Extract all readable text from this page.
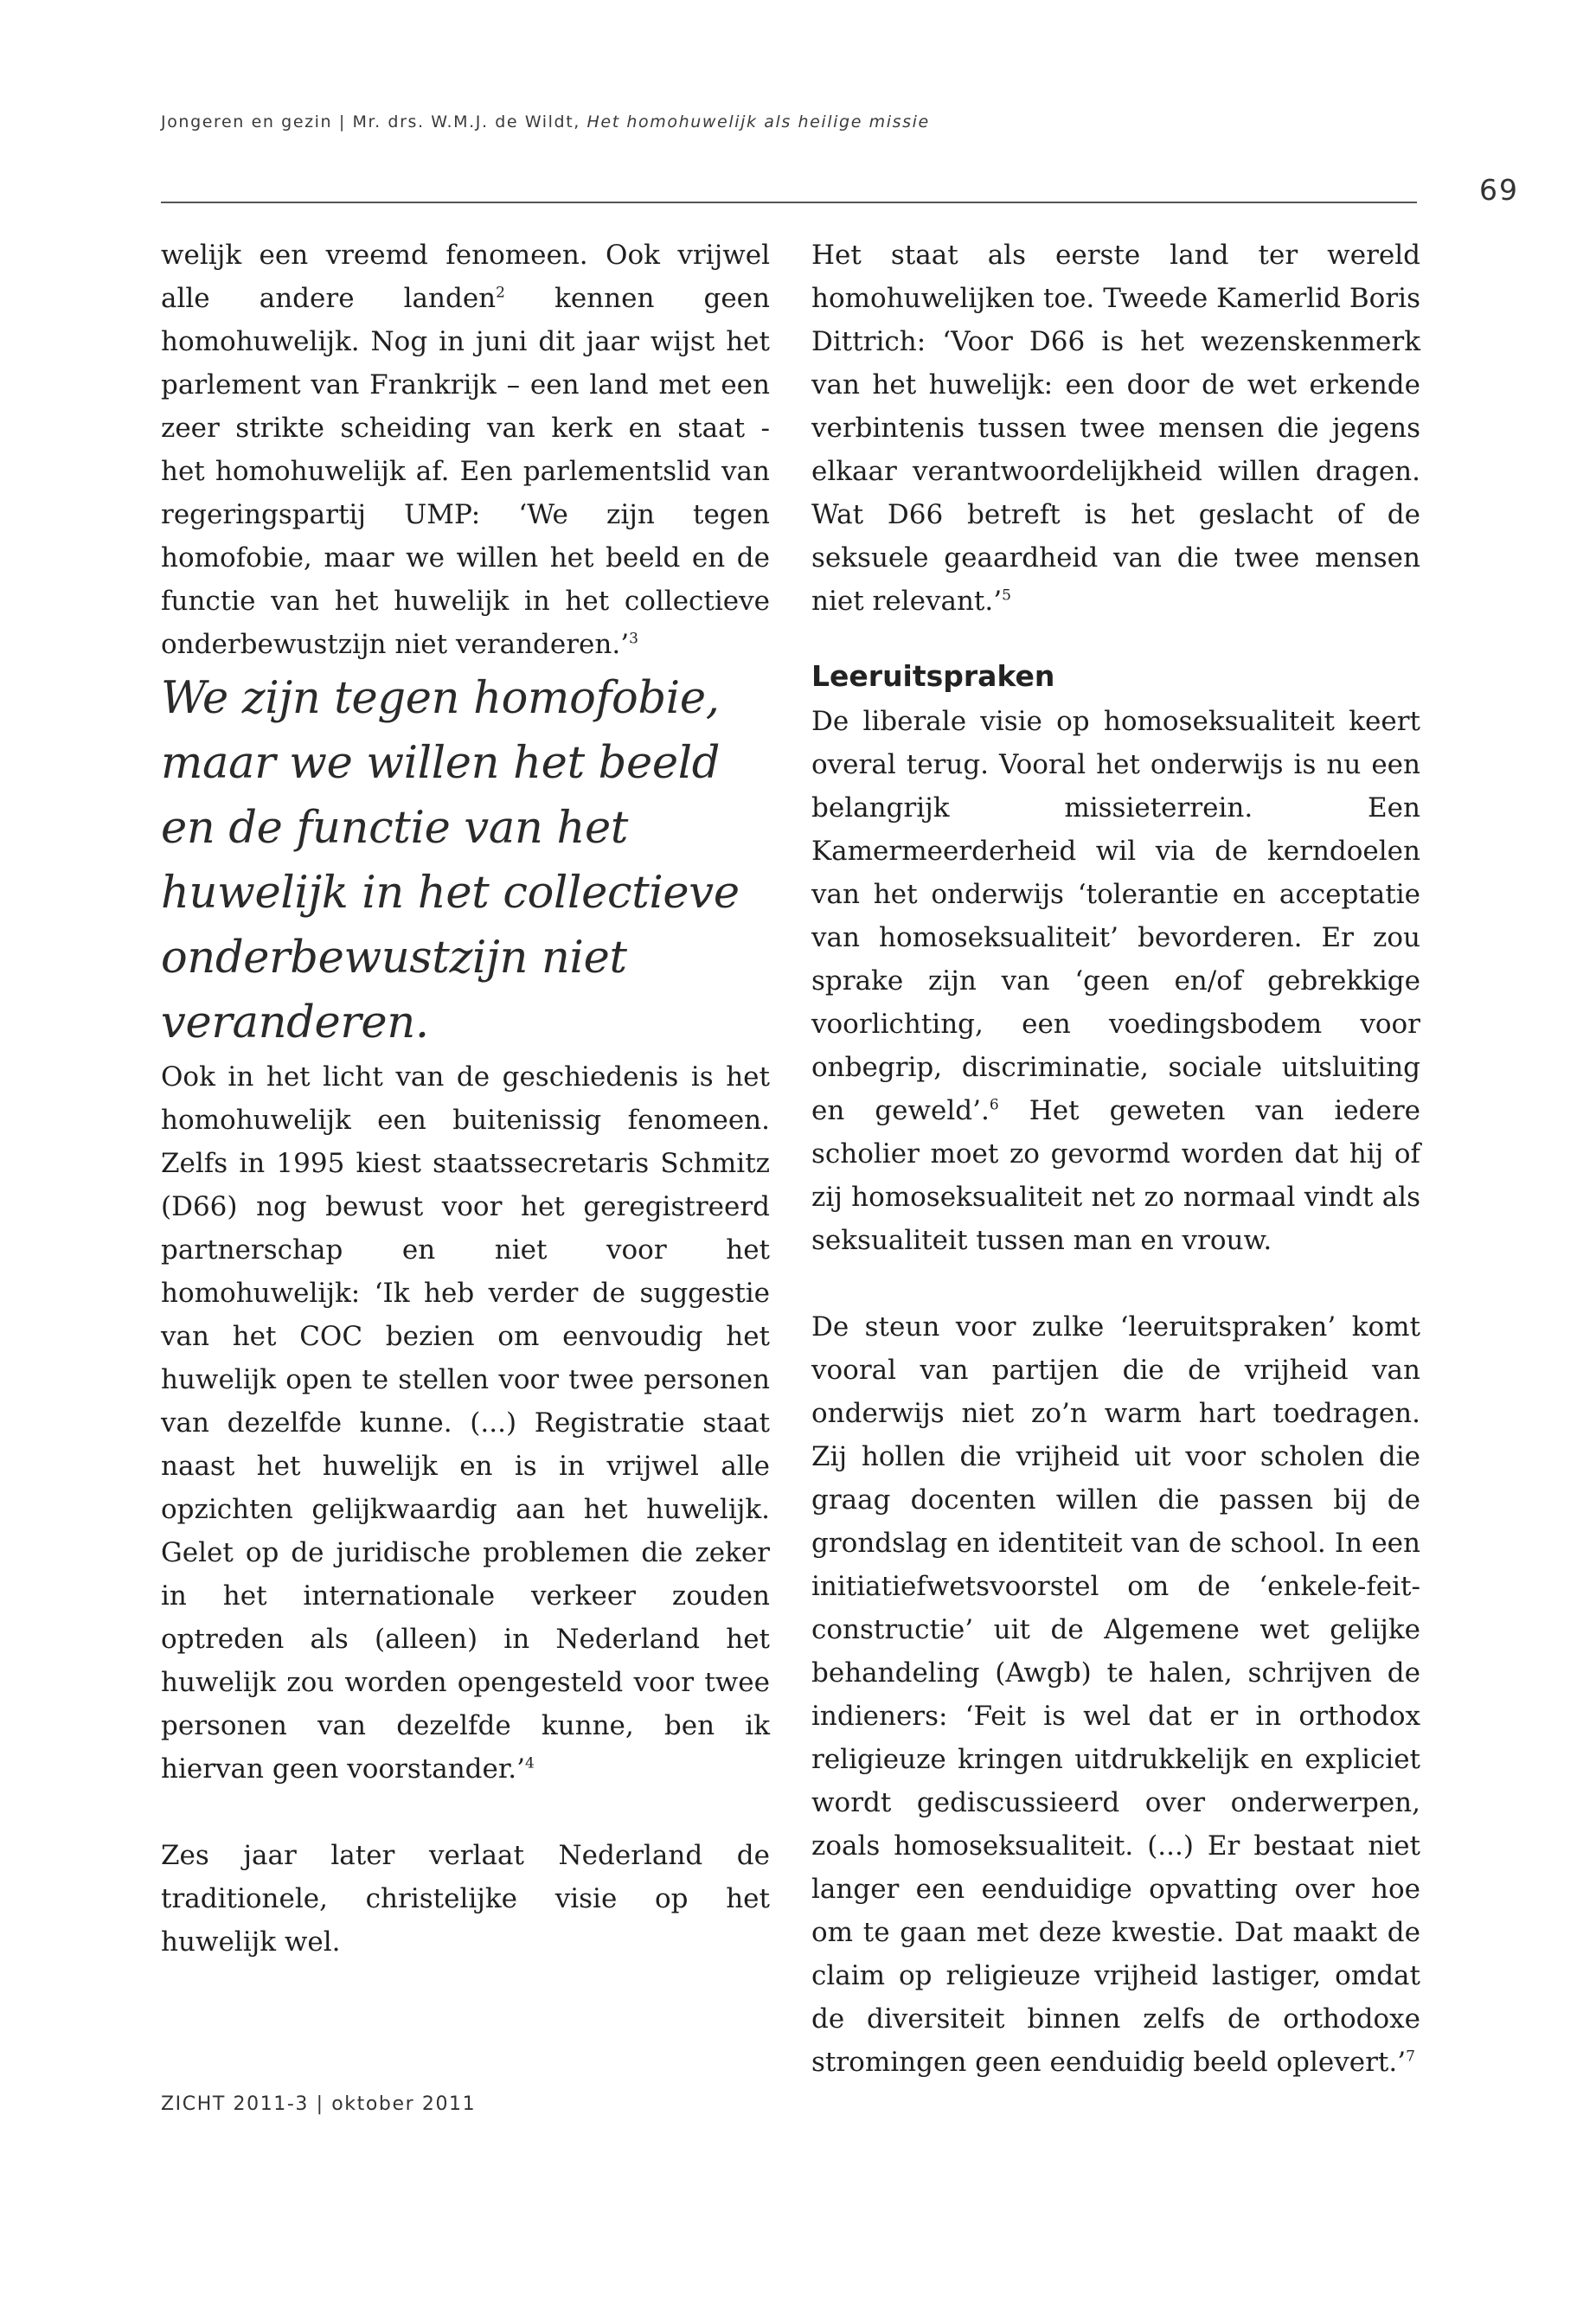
Jongeren en gezin | Mr. drs. W.M.J. de Wildt, Het homohuwelijk als heilige missie
69

welijk een vreemd fenomeen. Ook vrijwel alle andere landen$^2$ kennen geen homohuwelijk. Nog in juni dit jaar wijst het parlement van Frankrijk – een land met een zeer strikte scheiding van kerk en staat - het homohuwelijk af. Een parlementslid van regeringspartij UMP: ‘We zijn tegen homofobie, maar we willen het beeld en de functie van het huwelijk in het collectieve onderbewustzijn niet veranderen.’$^3$

We zijn tegen homofobie, maar we willen het beeld en de functie van het huwelijk in het collectieve onderbewustzijn niet veranderen.

Ook in het licht van de geschiedenis is het homohuwelijk een buitenissig fenomeen. Zelfs in 1995 kiest staatssecretaris Schmitz (D66) nog bewust voor het geregistreerd partnerschap en niet voor het homohuwelijk: ‘Ik heb verder de suggestie van het COC bezien om eenvoudig het huwelijk open te stellen voor twee personen van dezelfde kunne. (...) Registratie staat naast het huwelijk en is in vrijwel alle opzichten gelijkwaardig aan het huwelijk. Gelet op de juridische problemen die zeker in het internationale verkeer zouden optreden als (alleen) in Nederland het huwelijk zou worden opengesteld voor twee personen van dezelfde kunne, ben ik hiervan geen voorstander.’$^4$

Zes jaar later verlaat Nederland de traditionele, christelijke visie op het huwelijk wel.

Het staat als eerste land ter wereld homohuwelijken toe. Tweede Kamerlid Boris Dittrich: ‘Voor D66 is het wezenskenmerk van het huwelijk: een door de wet erkende verbintenis tussen twee mensen die jegens elkaar verantwoordelijkheid willen dragen. Wat D66 betreft is het geslacht of de seksuele geaardheid van die twee mensen niet relevant.’$^5$

Leeruitspraken

De liberale visie op homoseksualiteit keert overal terug. Vooral het onderwijs is nu een belangrijk missieterrein. Een Kamermeerderheid wil via de kerndoelen van het onderwijs ‘tolerantie en acceptatie van homoseksualiteit’ bevorderen. Er zou sprake zijn van ‘geen en/of gebrekkige voorlichting, een voedingsbodem voor onbegrip, discriminatie, sociale uitsluiting en geweld’.$^6$ Het geweten van iedere scholier moet zo gevormd worden dat hij of zij homoseksualiteit net zo normaal vindt als seksualiteit tussen man en vrouw.

De steun voor zulke ‘leeruitspraken’ komt vooral van partijen die de vrijheid van onderwijs niet zo’n warm hart toedragen. Zij hollen die vrijheid uit voor scholen die graag docenten willen die passen bij de grondslag en identiteit van de school. In een initiatiefwetsvoorstel om de ‘enkele-feit-constructie’ uit de Algemene wet gelijke behandeling (Awgb) te halen, schrijven de indieners: ‘Feit is wel dat er in orthodox religieuze kringen uitdrukkelijk en expliciet wordt gediscussieerd over onderwerpen, zoals homoseksualiteit. (...) Er bestaat niet langer een eenduidige opvatting over hoe om te gaan met deze kwestie. Dat maakt de claim op religieuze vrijheid lastiger, omdat de diversiteit binnen zelfs de orthodoxe stromingen geen eenduidig beeld oplevert.’$^7$

ZICHT 2011-3 | oktober 2011
